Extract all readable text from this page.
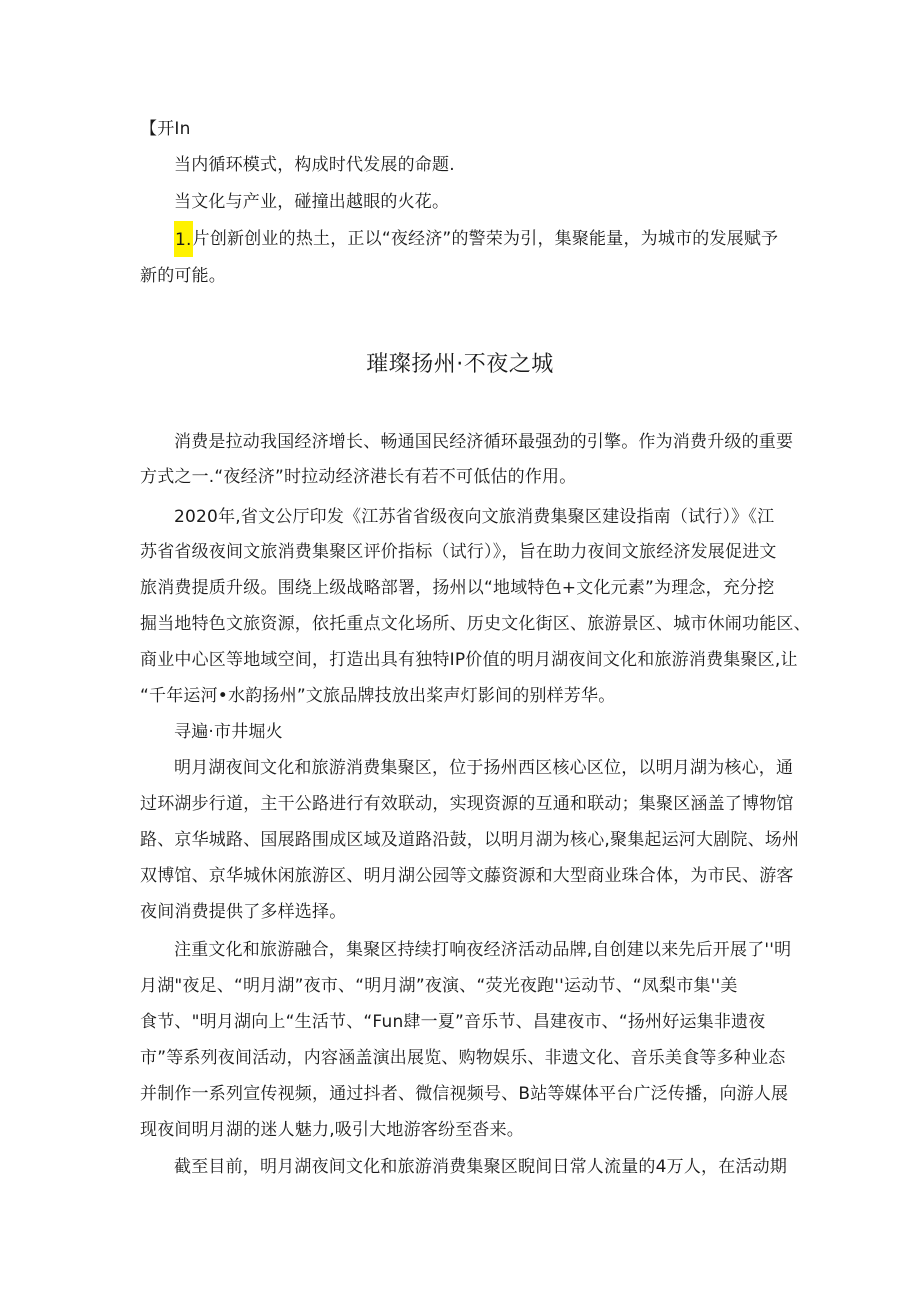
【开In
当内循环模式，构成时代发展的命题.
当文化与产业，碰撞出越眼的火花。
1.片创新创业的热土，正以“夜经济”的警荣为引，集聚能量，为城市的发展赋予
新的可能。
璀璨扬州·不夜之城
消费是拉动我国经济增长、畅通国民经济循环最强劲的引擎。作为消费升级的重要
方式之一.“夜经济”时拉动经济港长有若不可低估的作用。
2020年,省文公厅印发《江苏省省级夜向文旅消费集聚区建设指南（试行）》《江
苏省省级夜间文旅消费集聚区评价指标（试行）》，旨在助力夜间文旅经济发展促进文
旅消费提质升级。围绕上级战略部署，扬州以“地域特色+文化元素”为理念，充分挖
掘当地特色文旅资源，依托重点文化场所、历史文化街区、旅游景区、城市休闹功能区、
商业中心区等地域空间，打造出具有独特IP价值的明月湖夜间文化和旅游消费集聚区,让
“千年运河•水韵扬州”文旅品牌技放出桨声灯影间的别样芳华。
寻遍·市井堀火
明月湖夜间文化和旅游消费集聚区，位于扬州西区核心区位，以明月湖为核心，通
过环湖步行道，主干公路进行有效联动，实现资源的互通和联动；集聚区涵盖了博物馆
路、京华城路、国展路围成区域及道路沿鼓，以明月湖为核心,聚集起运河大剧院、场州
双博馆、京华城休闲旅游区、明月湖公园等文藤资源和大型商业珠合体，为市民、游客
夜间消费提供了多样选择。
注重文化和旅游融合，集聚区持续打响夜经济活动品牌,自创建以来先后开展了''明
月湖"夜足、“明月湖”夜市、“明月湖”夜演、“荧光夜跑''运动节、“凤梨市集''美
食节、"明月湖向上“生活节、“Fun肆一夏”音乐节、昌建夜市、“扬州好运集非遗夜
市”等系列夜间活动，内容涵盖演出展览、购物娱乐、非遗文化、音乐美食等多种业态
并制作一系列宣传视频，通过抖者、微信视频号、B站等媒体平台广泛传播，向游人展
现夜间明月湖的迷人魅力,吸引大地游客纷至沓来。
截至目前，明月湖夜间文化和旅游消费集聚区睨间日常人流量的4万人，在活动期
